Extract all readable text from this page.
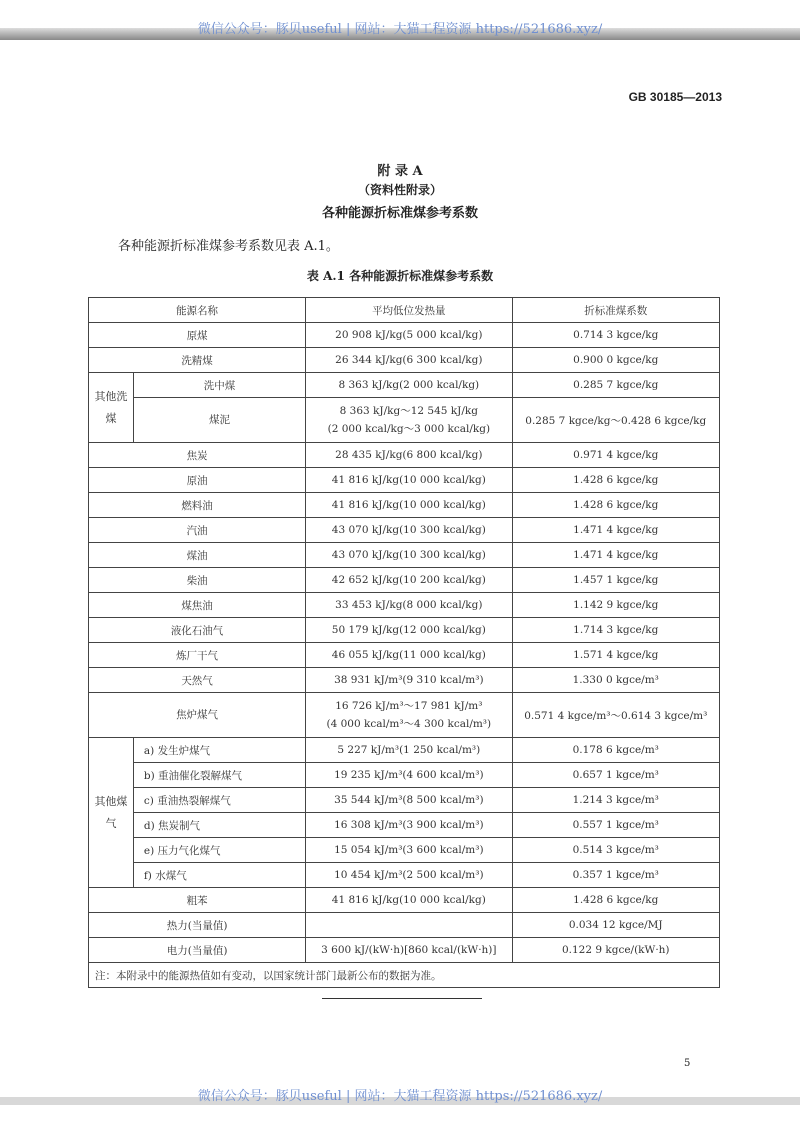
微信公众号：豚贝useful | 网站：大猫工程资源 https://521686.xyz/
GB 30185—2013
附 录 A
（资料性附录）
各种能源折标准煤参考系数
各种能源折标准煤参考系数见表 A.1。
表 A.1 各种能源折标准煤参考系数
能源名称		平均低位发热量	折标准煤系数
原煤		20 908 kJ/kg(5 000 kcal/kg)	0.714 3 kgce/kg
洗精煤		26 344 kJ/kg(6 300 kcal/kg)	0.900 0 kgce/kg
其他洗煤	洗中煤	8 363 kJ/kg(2 000 kcal/kg)	0.285 7 kgce/kg
	煤泥	8 363 kJ/kg～12 545 kJ/kg
(2 000 kcal/kg～3 000 kcal/kg)	0.285 7 kgce/kg～0.428 6 kgce/kg
焦炭		28 435 kJ/kg(6 800 kcal/kg)	0.971 4 kgce/kg
原油		41 816 kJ/kg(10 000 kcal/kg)	1.428 6 kgce/kg
燃料油		41 816 kJ/kg(10 000 kcal/kg)	1.428 6 kgce/kg
汽油		43 070 kJ/kg(10 300 kcal/kg)	1.471 4 kgce/kg
煤油		43 070 kJ/kg(10 300 kcal/kg)	1.471 4 kgce/kg
柴油		42 652 kJ/kg(10 200 kcal/kg)	1.457 1 kgce/kg
煤焦油		33 453 kJ/kg(8 000 kcal/kg)	1.142 9 kgce/kg
液化石油气		50 179 kJ/kg(12 000 kcal/kg)	1.714 3 kgce/kg
炼厂干气		46 055 kJ/kg(11 000 kcal/kg)	1.571 4 kgce/kg
天然气		38 931 kJ/m³(9 310 kcal/m³)	1.330 0 kgce/m³
焦炉煤气		16 726 kJ/m³～17 981 kJ/m³
(4 000 kcal/m³～4 300 kcal/m³)	0.571 4 kgce/m³～0.614 3 kgce/m³
其他煤气	a) 发生炉煤气	5 227 kJ/m³(1 250 kcal/m³)	0.178 6 kgce/m³
	b) 重油催化裂解煤气	19 235 kJ/m³(4 600 kcal/m³)	0.657 1 kgce/m³
	c) 重油热裂解煤气	35 544 kJ/m³(8 500 kcal/m³)	1.214 3 kgce/m³
	d) 焦炭制气	16 308 kJ/m³(3 900 kcal/m³)	0.557 1 kgce/m³
	e) 压力气化煤气	15 054 kJ/m³(3 600 kcal/m³)	0.514 3 kgce/m³
	f) 水煤气	10 454 kJ/m³(2 500 kcal/m³)	0.357 1 kgce/m³
粗苯		41 816 kJ/kg(10 000 kcal/kg)	1.428 6 kgce/kg
热力(当量值)			0.034 12 kgce/MJ
电力(当量值)		3 600 kJ/(kW·h)[860 kcal/(kW·h)]	0.122 9 kgce/(kW·h)
注：本附录中的能源热值如有变动，以国家统计部门最新公布的数据为准。			
5
微信公众号：豚贝useful | 网站：大猫工程资源 https://521686.xyz/
